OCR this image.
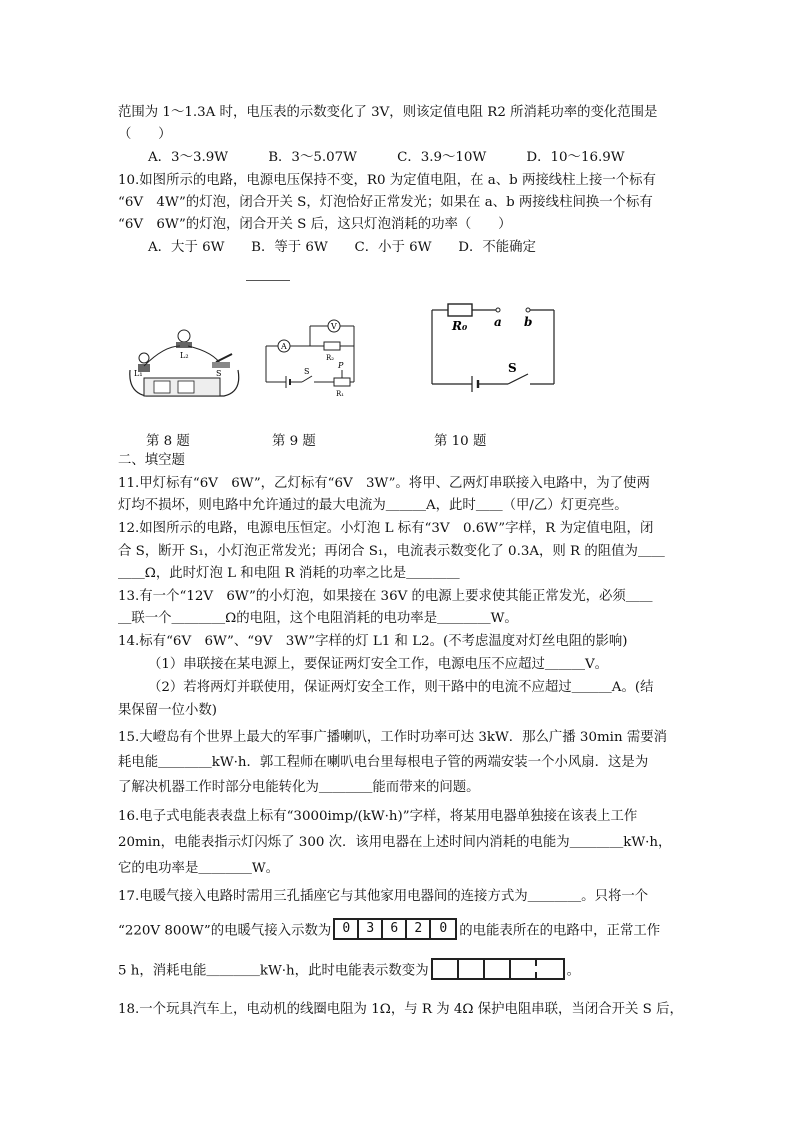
范围为 1～1.3A 时，电压表的示数变化了 3V，则该定值电阻 R2 所消耗功率的变化范围是
（　　）
A．3～3.9W　　　B．3～5.07W　　　C．3.9～10W　　　D．10～16.9W
10.如图所示的电路，电源电压保持不变，R0 为定值电阻，在 a、b 两接线柱上接一个标有
“6V　4W”的灯泡，闭合开关 S，灯泡恰好正常发光；如果在 a、b 两接线柱间换一个标有
“6V　6W”的灯泡，闭合开关 S 后，这只灯泡消耗的功率（　　）
A．大于 6W　　B．等于 6W　　C．小于 6W　　D．不能确定
L₁
L₂
S
A
V
R₂
S
P
R₁
R₀ a b
S
第 8 题	第 9 题	第 10 题
二、填空题
11.甲灯标有“6V　6W”，乙灯标有“6V　3W”。将甲、乙两灯串联接入电路中，为了使两
灯均不损坏，则电路中允许通过的最大电流为＿＿＿A，此时＿＿（甲/乙）灯更亮些。
12.如图所示的电路，电源电压恒定。小灯泡 L 标有“3V　0.6W”字样，R 为定值电阻，闭
合 S，断开 S₁，小灯泡正常发光；再闭合 S₁，电流表示数变化了 0.3A，则 R 的阻值为＿＿
＿＿Ω，此时灯泡 L 和电阻 R 消耗的功率之比是＿＿＿＿
13.有一个“12V　6W”的小灯泡，如果接在 36V 的电源上要求使其能正常发光，必须＿＿
＿联一个＿＿＿＿Ω的电阻，这个电阻消耗的电功率是＿＿＿＿W。
14.标有“6V　6W”、“9V　3W”字样的灯 L1 和 L2。(不考虑温度对灯丝电阻的影响)
（1）串联接在某电源上，要保证两灯安全工作，电源电压不应超过＿＿＿V。
（2）若将两灯并联使用，保证两灯安全工作，则干路中的电流不应超过＿＿＿A。(结
果保留一位小数)
15.大嶝岛有个世界上最大的军事广播喇叭，工作时功率可达 3kW．那么广播 30min 需要消
耗电能＿＿＿＿kW·h．郭工程师在喇叭电台里每根电子管的两端安装一个小风扇．这是为
了解决机器工作时部分电能转化为＿＿＿＿能而带来的问题。
16.电子式电能表表盘上标有“3000imp/(kW·h)”字样，将某用电器单独接在该表上工作
20min，电能表指示灯闪烁了 300 次．该用电器在上述时间内消耗的电能为＿＿＿＿kW·h，
它的电功率是＿＿＿＿W。
17.电暖气接入电路时需用三孔插座它与其他家用电器间的连接方式为＿＿＿＿。只将一个
“220V 800W”的电暖气接入示数为 0 3 6 2 0 的电能表所在的电路中，正常工作
5 h，消耗电能＿＿＿＿kW·h，此时电能表示数变为	。
18.一个玩具汽车上，电动机的线圈电阻为 1Ω，与 R 为 4Ω 保护电阻串联，当闭合开关 S 后，
